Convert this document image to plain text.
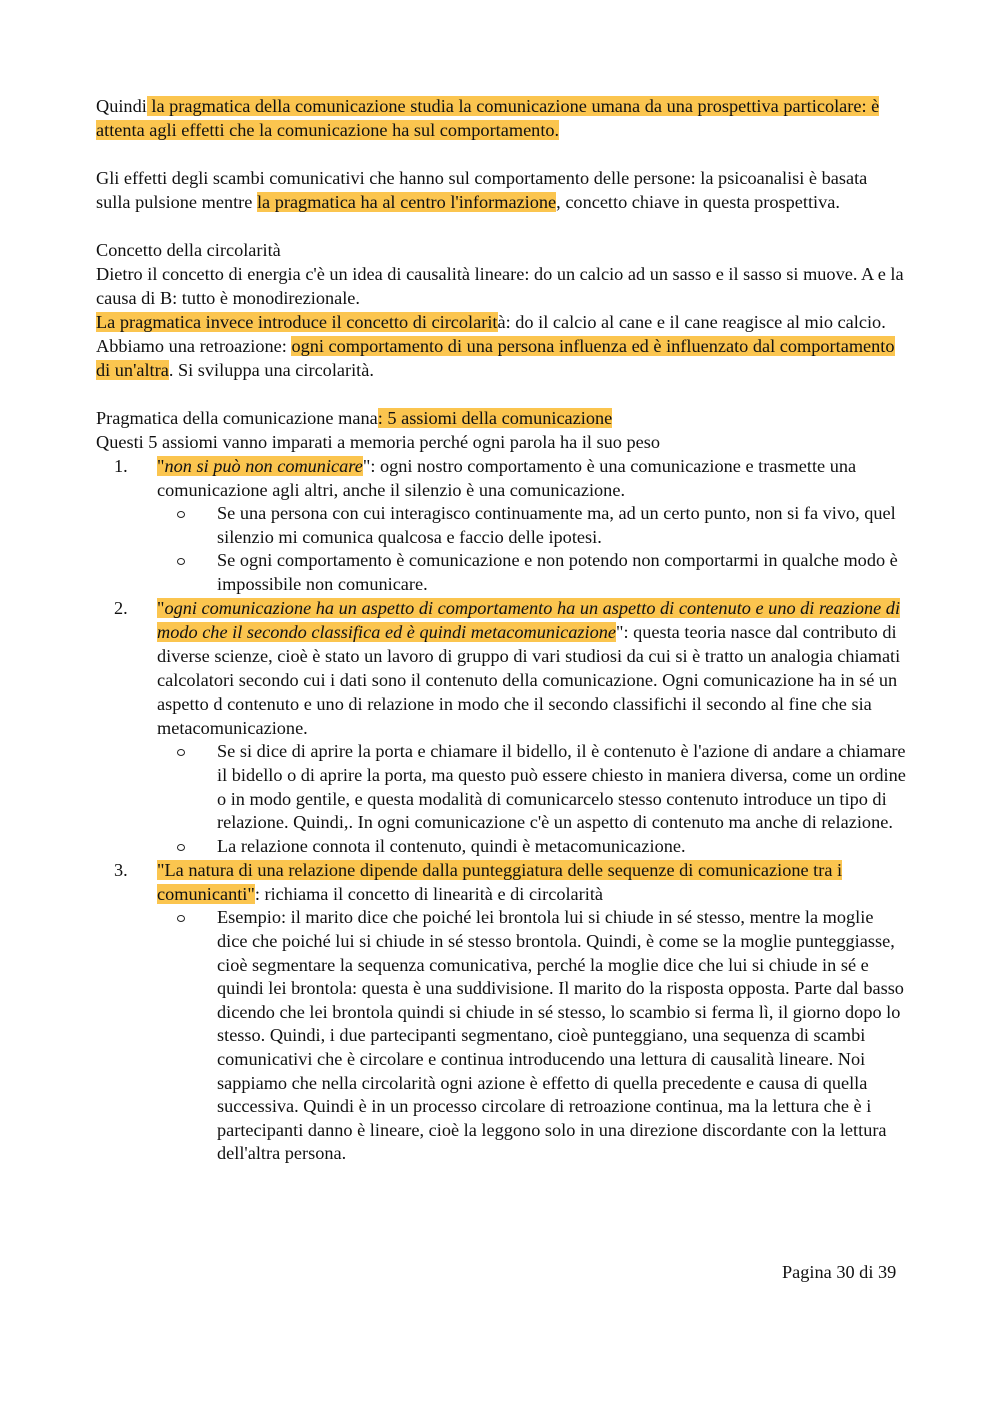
Quindi la pragmatica della comunicazione studia la comunicazione umana da una prospettiva particolare: è attenta agli effetti che la comunicazione ha sul comportamento.

Gli effetti degli scambi comunicativi che hanno sul comportamento delle persone: la psicoanalisi è basata sulla pulsione mentre la pragmatica ha al centro l'informazione, concetto chiave in questa prospettiva.

Concetto della circolarità

Dietro il concetto di energia c'è un idea di causalità lineare: do un calcio ad un sasso e il sasso si muove. A e la causa di B: tutto è monodirezionale.

La pragmatica invece introduce il concetto di circolarità: do il calcio al cane e il cane reagisce al mio calcio. Abbiamo una retroazione: ogni comportamento di una persona influenza ed è influenzato dal comportamento di un'altra. Si sviluppa una circolarità.

Pragmatica della comunicazione mana: 5 assiomi della comunicazione

Questi 5 assiomi vanno imparati a memoria perché ogni parola ha il suo peso

1. "non si può non comunicare": ogni nostro comportamento è una comunicazione e trasmette una comunicazione agli altri, anche il silenzio è una comunicazione.

Se una persona con cui interagisco continuamente ma, ad un certo punto, non si fa vivo, quel silenzio mi comunica qualcosa e faccio delle ipotesi.
Se ogni comportamento è comunicazione e non potendo non comportarmi in qualche modo è impossibile non comunicare.
2. "ogni comunicazione ha un aspetto di comportamento ha un aspetto di contenuto e uno di reazione di modo che il secondo classifica ed è quindi metacomunicazione": questa teoria nasce dal contributo di diverse scienze, cioè è stato un lavoro di gruppo di vari studiosi da cui si è tratto un analogia chiamati calcolatori secondo cui i dati sono il contenuto della comunicazione. Ogni comunicazione ha in sé un aspetto d contenuto e uno di relazione in modo che il secondo classifichi il secondo al fine che sia metacomunicazione.

Se si dice di aprire la porta e chiamare il bidello, il è contenuto è l'azione di andare a chiamare il bidello o di aprire la porta, ma questo può essere chiesto in maniera diversa, come un ordine o in modo gentile, e questa modalità di comunicarcelo stesso contenuto introduce un tipo di relazione. Quindi,. In ogni comunicazione c'è un aspetto di contenuto ma anche di relazione.
La relazione connota il contenuto, quindi è metacomunicazione.
3. "La natura di una relazione dipende dalla punteggiatura delle sequenze di comunicazione tra i comunicanti": richiama il concetto di linearità e di circolarità

Esempio: il marito dice che poiché lei brontola lui si chiude in sé stesso, mentre la moglie dice che poiché lui si chiude in sé stesso brontola. Quindi, è come se la moglie punteggiasse, cioè segmentare la sequenza comunicativa, perché la moglie dice che lui si chiude in sé e quindi lei brontola: questa è una suddivisione. Il marito do la risposta opposta. Parte dal basso dicendo che lei brontola quindi si chiude in sé stesso, lo scambio si ferma lì, il giorno dopo lo stesso. Quindi, i due partecipanti segmentano, cioè punteggiano, una sequenza di scambi comunicativi che è circolare e continua introducendo una lettura di causalità lineare. Noi sappiamo che nella circolarità ogni azione è effetto di quella precedente e causa di quella successiva. Quindi è in un processo circolare di retroazione continua, ma la lettura che è i partecipanti danno è lineare, cioè la leggono solo in una direzione discordante con la lettura dell'altra persona.
Pagina 30 di 39
